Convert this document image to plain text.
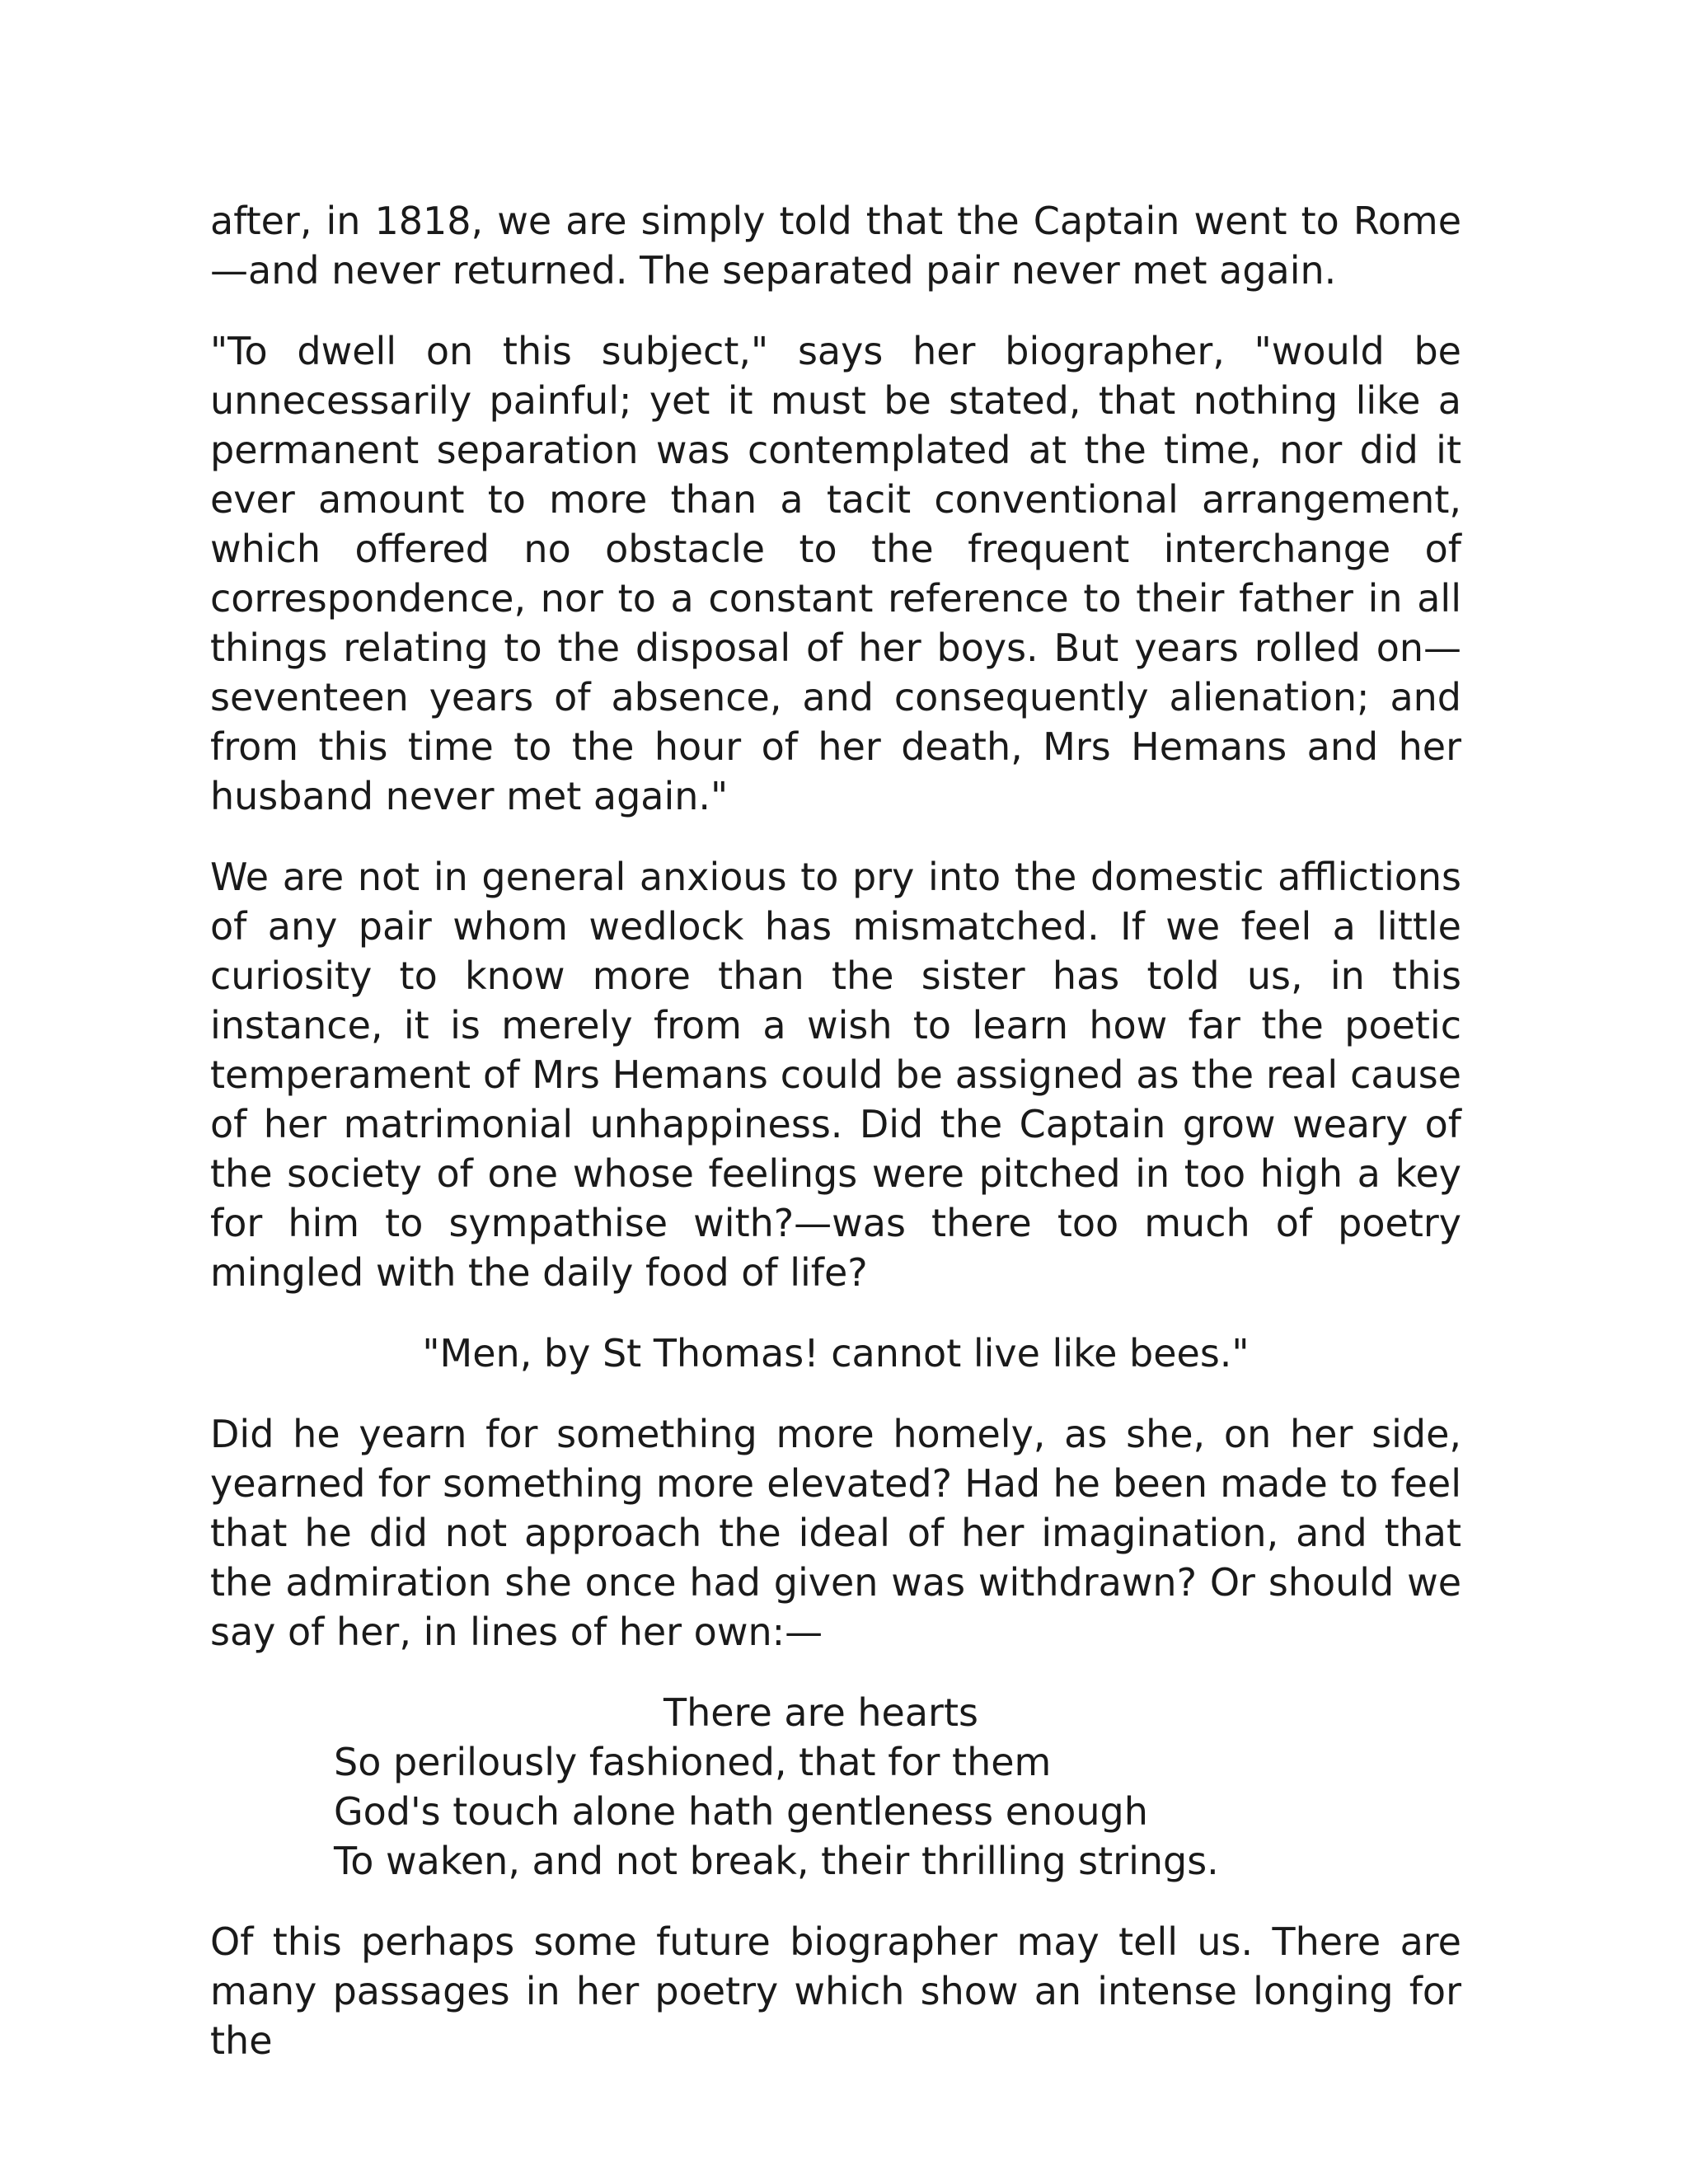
after, in 1818, we are simply told that the Captain went to Rome—and never returned. The separated pair never met again.

"To dwell on this subject," says her biographer, "would be unnecessarily painful; yet it must be stated, that nothing like a permanent separation was contemplated at the time, nor did it ever amount to more than a tacit conventional arrangement, which offered no obstacle to the frequent interchange of correspondence, nor to a constant reference to their father in all things relating to the disposal of her boys. But years rolled on—seventeen years of absence, and consequently alienation; and from this time to the hour of her death, Mrs Hemans and her husband never met again."

We are not in general anxious to pry into the domestic afflictions of any pair whom wedlock has mismatched. If we feel a little curiosity to know more than the sister has told us, in this instance, it is merely from a wish to learn how far the poetic temperament of Mrs Hemans could be assigned as the real cause of her matrimonial unhappiness. Did the Captain grow weary of the society of one whose feelings were pitched in too high a key for him to sympathise with?—was there too much of poetry mingled with the daily food of life?

"Men, by St Thomas! cannot live like bees."

Did he yearn for something more homely, as she, on her side, yearned for something more elevated? Had he been made to feel that he did not approach the ideal of her imagination, and that the admiration she once had given was withdrawn? Or should we say of her, in lines of her own:—

There are hearts
So perilously fashioned, that for them
God's touch alone hath gentleness enough
To waken, and not break, their thrilling strings.

Of this perhaps some future biographer may tell us. There are many passages in her poetry which show an intense longing for the
